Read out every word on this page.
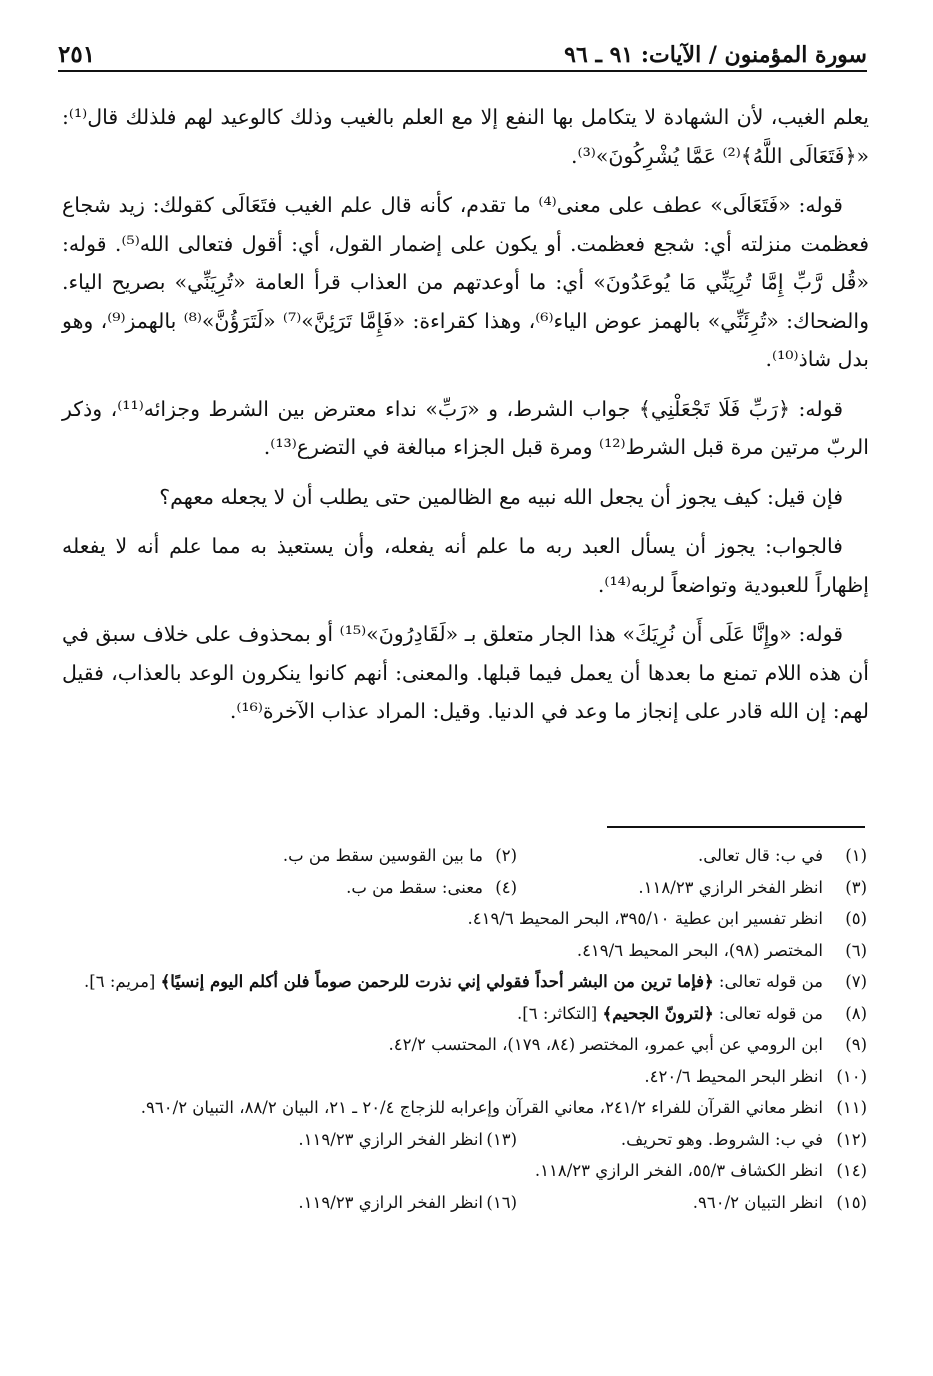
سورة المؤمنون / الآيات: ٩١ ـ ٩٦
٢٥١

يعلم الغيب، لأن الشهادة لا يتكامل بها النفع إلا مع العلم بالغيب وذلك كالوعيد لهم فلذلك قال⁽¹⁾: «﴿فَتَعَالَى اللَّهُ﴾⁽²⁾ عَمَّا يُشْرِكُونَ»⁽³⁾.

قوله: «فَتَعَالَى» عطف على معنى⁽⁴⁾ ما تقدم، كأنه قال علم الغيب فتَعَالَى كقولك: زيد شجاع فعظمت منزلته أي: شجع فعظمت. أو يكون على إضمار القول، أي: أقول فتعالى الله⁽⁵⁾. قوله: «قُل رَّبِّ إِمَّا تُرِيَنِّي مَا يُوعَدُونَ» أي: ما أوعدتهم من العذاب قرأ العامة «تُرِيَنِّي» بصريح الياء. والضحاك: «تُرِئَنِّي» بالهمز عوض الياء⁽⁶⁾، وهذا كقراءة: «فَإِمَّا تَرَئِنَّ»⁽⁷⁾ «لَتَرَؤُنَّ»⁽⁸⁾ بالهمز⁽⁹⁾، وهو بدل شاذ⁽¹⁰⁾.

قوله: ﴿رَبِّ فَلَا تَجْعَلْنِي﴾ جواب الشرط، و «رَبِّ» نداء معترض بين الشرط وجزائه⁽¹¹⁾، وذكر الربّ مرتين مرة قبل الشرط⁽¹²⁾ ومرة قبل الجزاء مبالغة في التضرع⁽¹³⁾.

فإن قيل: كيف يجوز أن يجعل الله نبيه مع الظالمين حتى يطلب أن لا يجعله معهم؟

فالجواب: يجوز أن يسأل العبد ربه ما علم أنه يفعله، وأن يستعيذ به مما علم أنه لا يفعله إظهاراً للعبودية وتواضعاً لربه⁽¹⁴⁾.

قوله: «وإِنَّا عَلَى أَن نُرِيَكَ» هذا الجار متعلق بـ «لَقَادِرُونَ»⁽¹⁵⁾ أو بمحذوف على خلاف سبق في أن هذه اللام تمنع ما بعدها أن يعمل فيما قبلها. والمعنى: أنهم كانوا ينكرون الوعد بالعذاب، فقيل لهم: إن الله قادر على إنجاز ما وعد في الدنيا. وقيل: المراد عذاب الآخرة⁽¹⁶⁾.

(١)
في ب: قال تعالى.
(٢)
ما بين القوسين سقط من ب.
(٣)
انظر الفخر الرازي ١١٨/٢٣.
(٤)
معنى: سقط من ب.
(٥)
انظر تفسير ابن عطية ٣٩٥/١٠، البحر المحيط ٤١٩/٦.
(٦)
المختصر (٩٨)، البحر المحيط ٤١٩/٦.
(٧)
من قوله تعالى: ﴿فإما ترين من البشر أحداً فقولي إني نذرت للرحمن صوماً فلن أكلم اليوم إنسيًا﴾ [مريم: ٦].
(٨)
من قوله تعالى: ﴿لترونّ الجحيم﴾ [التكاثر: ٦].
(٩)
ابن الرومي عن أبي عمرو، المختصر (٨٤، ١٧٩)، المحتسب ٤٢/٢.
(١٠)
انظر البحر المحيط ٤٢٠/٦.
(١١)
انظر معاني القرآن للفراء ٢٤١/٢، معاني القرآن وإعرابه للزجاج ٢٠/٤ ـ ٢١، البيان ٨٨/٢، التبيان ٩٦٠/٢.
(١٢)
في ب: الشروط. وهو تحريف.
(١٣)
انظر الفخر الرازي ١١٩/٢٣.
(١٤)
انظر الكشاف ٥٥/٣، الفخر الرازي ١١٨/٢٣.
(١٥)
انظر التبيان ٩٦٠/٢.
(١٦)
انظر الفخر الرازي ١١٩/٢٣.
